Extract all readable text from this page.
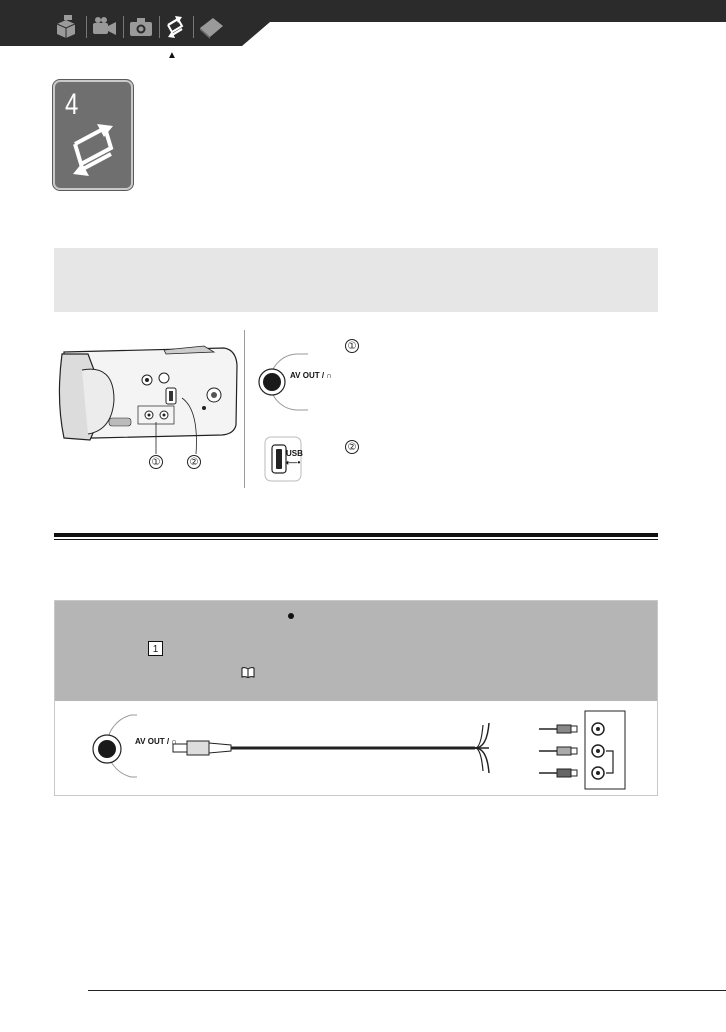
▲
4
①	②
AV OUT / ∩
①
USB
⟵•
②
1
AV OUT / ∩
